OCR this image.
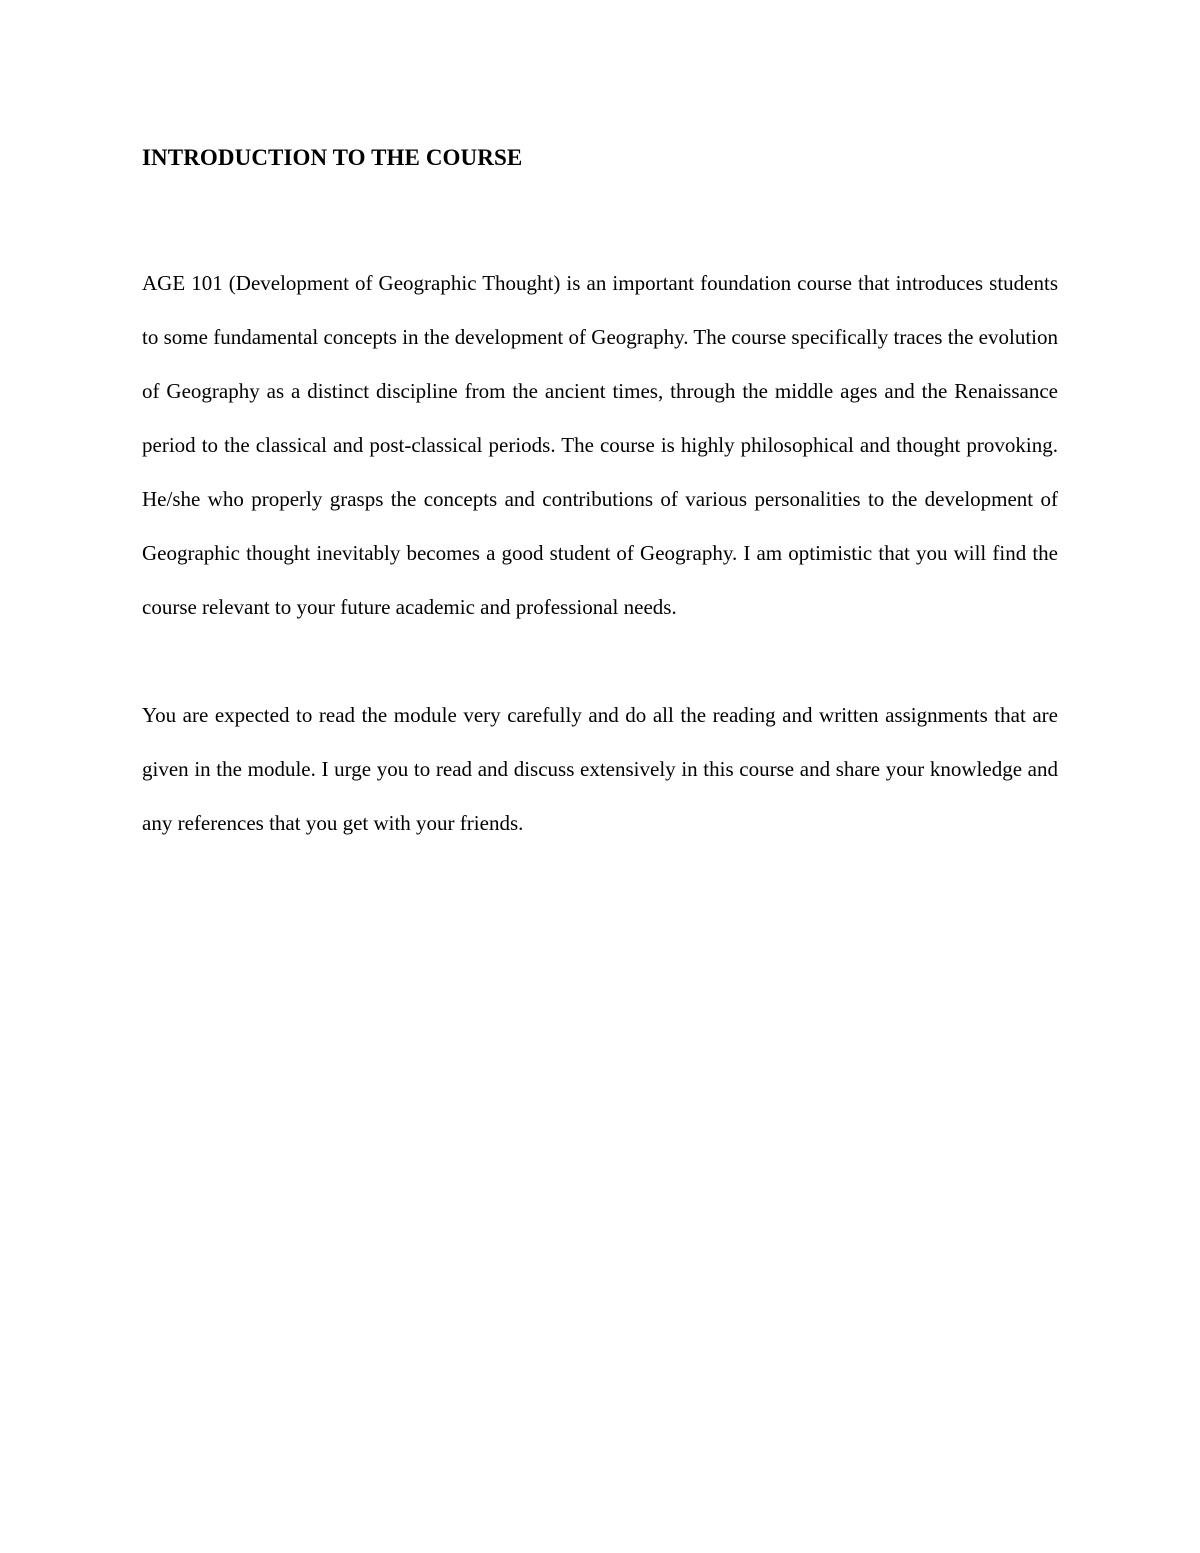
INTRODUCTION TO THE COURSE

AGE 101 (Development of Geographic Thought) is an important foundation course that introduces students to some fundamental concepts in the development of Geography. The course specifically traces the evolution of Geography as a distinct discipline from the ancient times, through the middle ages and the Renaissance period to the classical and post-classical periods. The course is highly philosophical and thought provoking. He/she who properly grasps the concepts and contributions of various personalities to the development of Geographic thought inevitably becomes a good student of Geography. I am optimistic that you will find the course relevant to your future academic and professional needs.

You are expected to read the module very carefully and do all the reading and written assignments that are given in the module. I urge you to read and discuss extensively in this course and share your knowledge and any references that you get with your friends.
